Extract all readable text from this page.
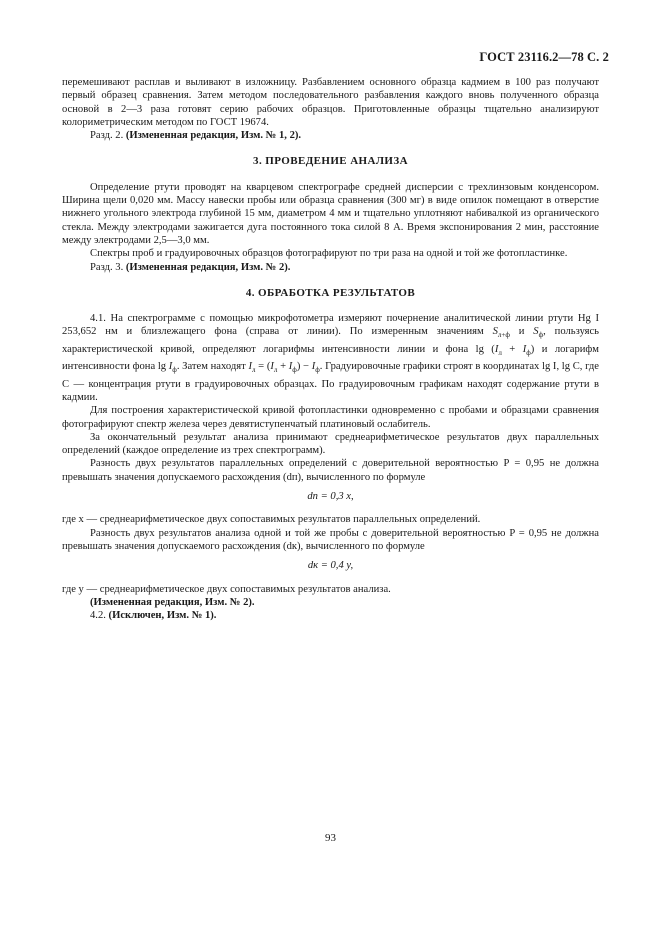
ГОСТ 23116.2—78 С. 2

перемешивают расплав и выливают в изложницу. Разбавлением основного образца кадмием в 100 раз получают первый образец сравнения. Затем методом последовательного разбавления каждого вновь полученного образца основой в 2—3 раза готовят серию рабочих образцов. Приготовленные образцы тщательно анализируют колориметрическим методом по ГОСТ 19674.

Разд. 2. (Измененная редакция, Изм. № 1, 2).

3. ПРОВЕДЕНИЕ АНАЛИЗА

Определение ртути проводят на кварцевом спектрографе средней дисперсии с трехлинзовым конденсором. Ширина щели 0,020 мм. Массу навески пробы или образца сравнения (300 мг) в виде опилок помещают в отверстие нижнего угольного электрода глубиной 15 мм, диаметром 4 мм и тщательно уплотняют набивалкой из органического стекла. Между электродами зажигается дуга постоянного тока силой 8 А. Время экспонирования 2 мин, расстояние между электродами 2,5—3,0 мм.

Спектры проб и градуировочных образцов фотографируют по три раза на одной и той же фотопластинке.

Разд. 3. (Измененная редакция, Изм. № 2).

4. ОБРАБОТКА РЕЗУЛЬТАТОВ

4.1. На спектрограмме с помощью микрофотометра измеряют почернение аналитической линии ртути Hg I 253,652 нм и близлежащего фона (справа от линии). По измеренным значениям $S_{л+ф}$ и $S_ф$, пользуясь характеристической кривой, определяют логарифмы интенсивности линии и фона $\lg (I_л + I_ф)$ и логарифм интенсивности фона $\lg I_ф$. Затем находят $I_л = (I_л + I_ф) - I_ф$. Градуировочные графики строят в координатах lg I, lg C, где C — концентрация ртути в градуировочных образцах. По градуировочным графикам находят содержание ртути в кадмии.

Для построения характеристической кривой фотопластинки одновременно с пробами и образцами сравнения фотографируют спектр железа через девятиступенчатый платиновый ослабитель.

За окончательный результат анализа принимают среднеарифметическое результатов двух параллельных определений (каждое определение из трех спектрограмм).

Разность двух результатов параллельных определений с доверительной вероятностью P = 0,95 не должна превышать значения допускаемого расхождения (dп), вычисленного по формуле

dп = 0,3 x,

где x — среднеарифметическое двух сопоставимых результатов параллельных определений.

Разность двух результатов анализа одной и той же пробы с доверительной вероятностью P = 0,95 не должна превышать значения допускаемого расхождения (dк), вычисленного по формуле

dк = 0,4 y,

где y — среднеарифметическое двух сопоставимых результатов анализа.

(Измененная редакция, Изм. № 2).

4.2. (Исключен, Изм. № 1).

93
